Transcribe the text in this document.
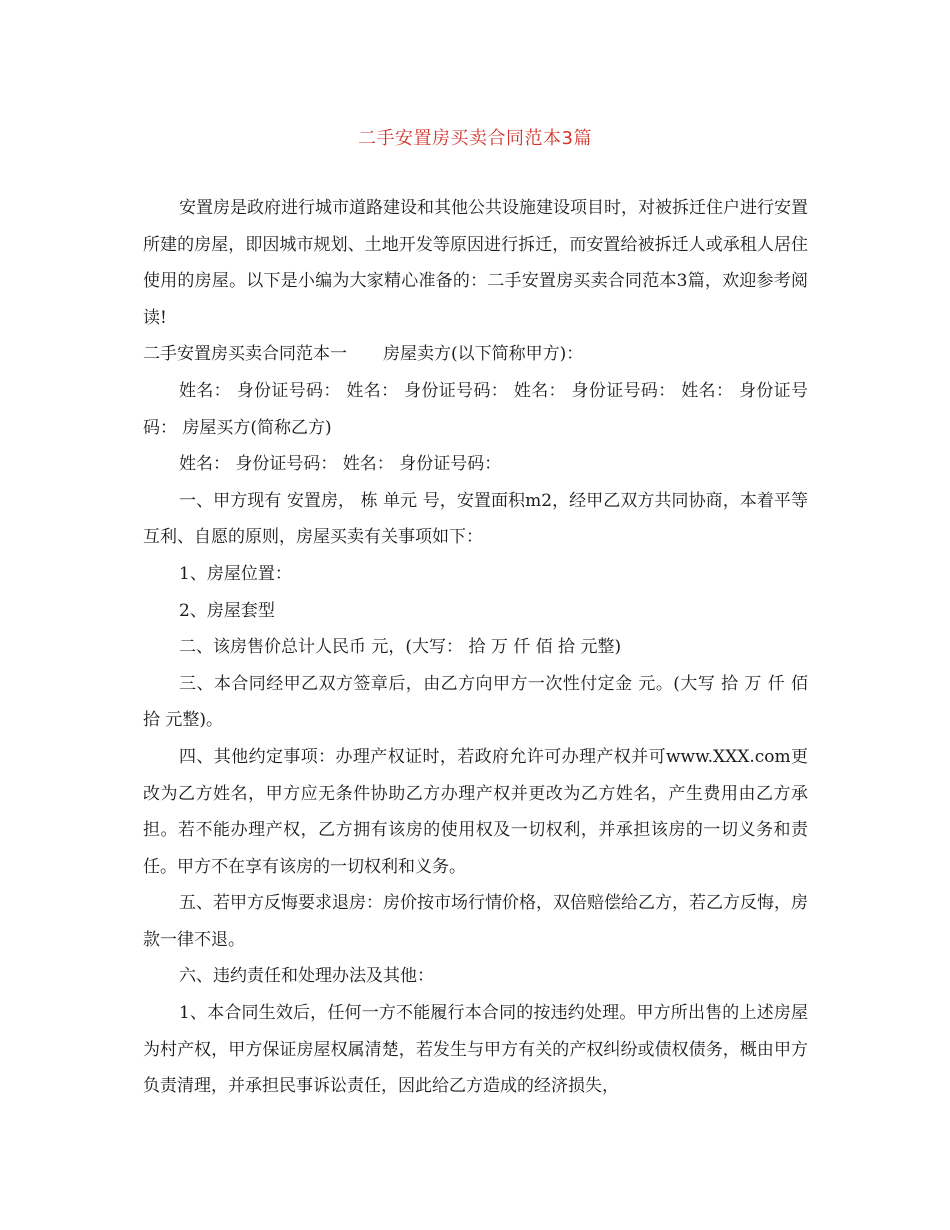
二手安置房买卖合同范本3篇

安置房是政府进行城市道路建设和其他公共设施建设项目时，对被拆迁住户进行安置所建的房屋，即因城市规划、土地开发等原因进行拆迁，而安置给被拆迁人或承租人居住使用的房屋。以下是小编为大家精心准备的：二手安置房买卖合同范本3篇，欢迎参考阅读!

二手安置房买卖合同范本一 房屋卖方(以下简称甲方)：

姓名： 身份证号码： 姓名： 身份证号码： 姓名： 身份证号码： 姓名： 身份证号码： 房屋买方(简称乙方)

姓名： 身份证号码： 姓名： 身份证号码：

一、甲方现有 安置房， 栋 单元 号，安置面积m2，经甲乙双方共同协商，本着平等互利、自愿的原则，房屋买卖有关事项如下：

1、房屋位置：

2、房屋套型

二、该房售价总计人民币 元，(大写： 拾 万 仟 佰 拾 元整)

三、本合同经甲乙双方签章后，由乙方向甲方一次性付定金 元。(大写 拾 万 仟 佰 拾 元整)。

四、其他约定事项：办理产权证时，若政府允许可办理产权并可www.XXX.com更改为乙方姓名，甲方应无条件协助乙方办理产权并更改为乙方姓名，产生费用由乙方承担。若不能办理产权，乙方拥有该房的使用权及一切权利，并承担该房的一切义务和责任。甲方不在享有该房的一切权利和义务。

五、若甲方反悔要求退房：房价按市场行情价格，双倍赔偿给乙方，若乙方反悔，房款一律不退。

六、违约责任和处理办法及其他：

1、本合同生效后，任何一方不能履行本合同的按违约处理。甲方所出售的上述房屋为村产权，甲方保证房屋权属清楚，若发生与甲方有关的产权纠纷或债权债务，概由甲方负责清理，并承担民事诉讼责任，因此给乙方造成的经济损失，
